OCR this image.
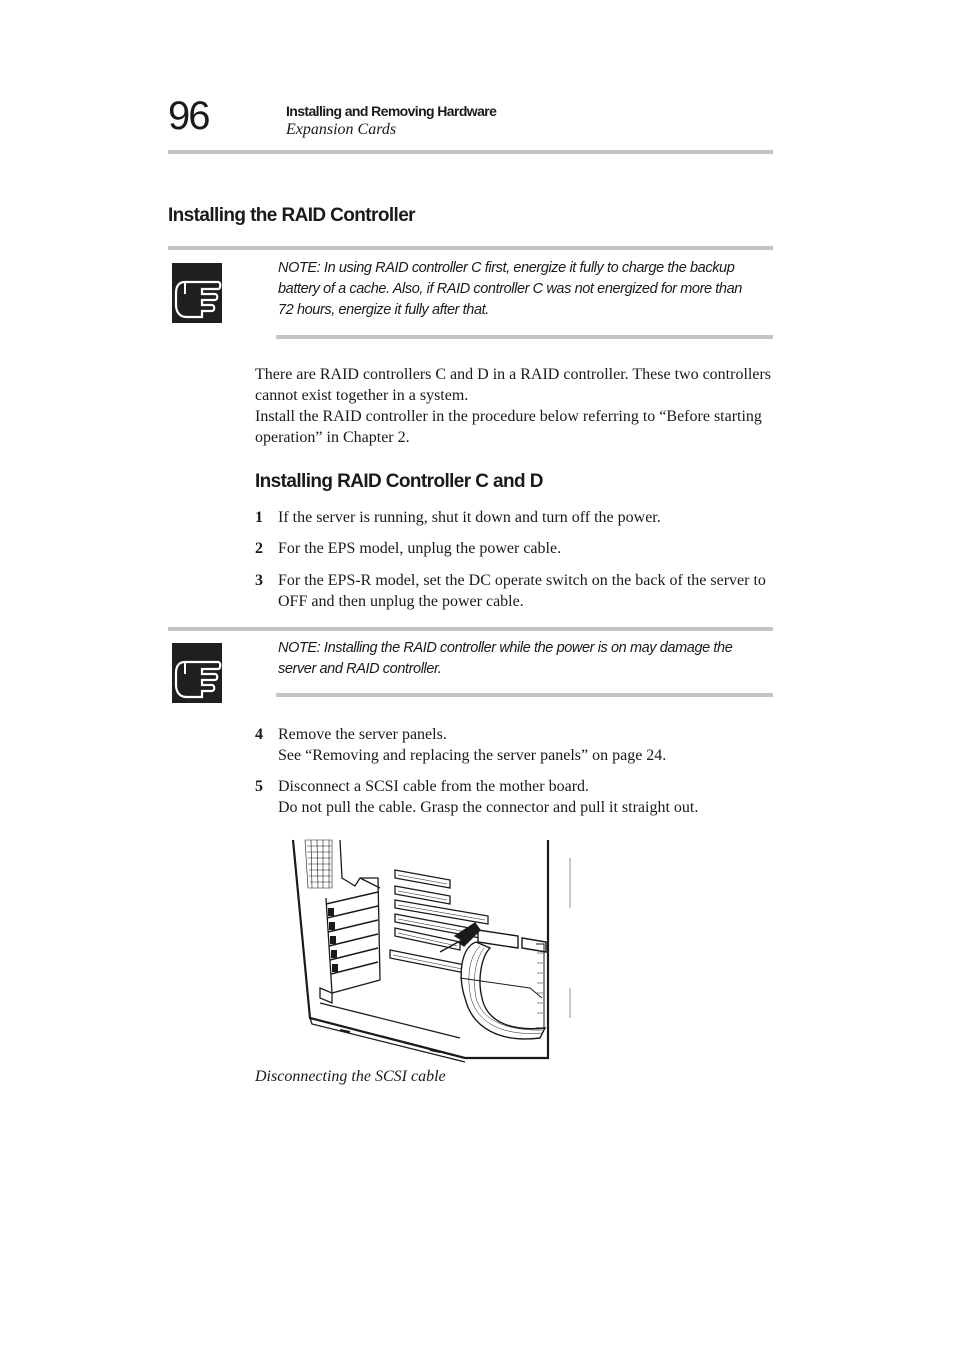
96	Installing and Removing Hardware
Expansion Cards
Installing the RAID Controller
NOTE: In using RAID controller C first, energize it fully to charge the backup battery of a cache. Also, if RAID controller C was not energized for more than 72 hours, energize it fully after that.

There are RAID controllers C and D in a RAID controller. These two controllers cannot exist together in a system.

Install the RAID controller in the procedure below referring to “Before starting operation” in Chapter 2.

Installing RAID Controller C and D
1 If the server is running, shut it down and turn off the power.
2 For the EPS model, unplug the power cable.
3 For the EPS-R model, set the DC operate switch on the back of the server to OFF and then unplug the power cable.
NOTE: Installing the RAID controller while the power is on may damage the server and RAID controller.
4 Remove the server panels.
See “Removing and replacing the server panels” on page 24.
5 Disconnect a SCSI cable from the mother board.
Do not pull the cable. Grasp the connector and pull it straight out.
Disconnecting the SCSI cable
